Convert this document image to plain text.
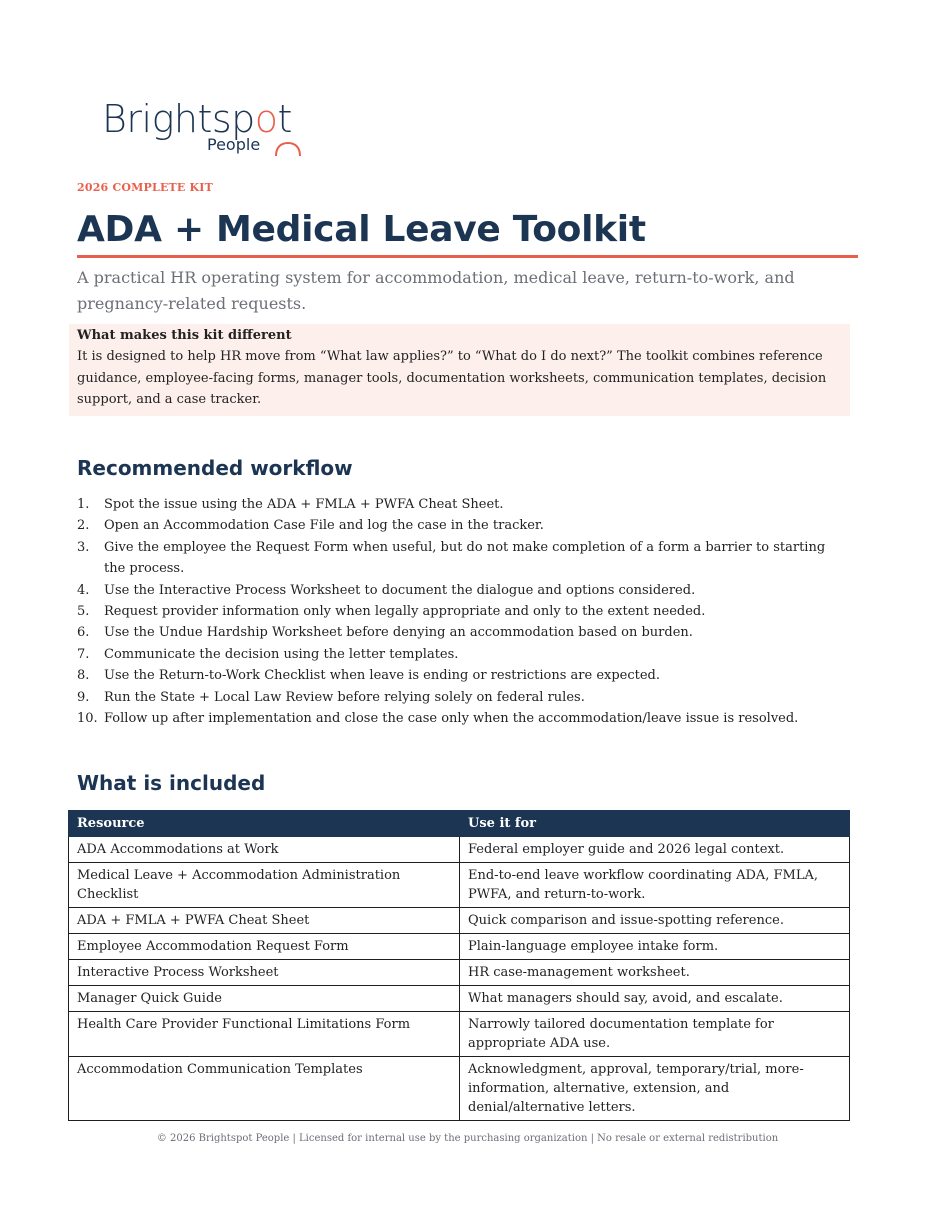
Brightspot
People
2026 COMPLETE KIT
ADA + Medical Leave Toolkit

A practical HR operating system for accommodation, medical leave, return-to-work, and pregnancy-related requests.

What makes this kit different
It is designed to help HR move from “What law applies?” to “What do I do next?” The toolkit combines reference guidance, employee-facing forms, manager tools, documentation worksheets, communication templates, decision support, and a case tracker.
Recommended workflow
1. Spot the issue using the ADA + FMLA + PWFA Cheat Sheet.
2. Open an Accommodation Case File and log the case in the tracker.
3. Give the employee the Request Form when useful, but do not make completion of a form a barrier to starting the process.
4. Use the Interactive Process Worksheet to document the dialogue and options considered.
5. Request provider information only when legally appropriate and only to the extent needed.
6. Use the Undue Hardship Worksheet before denying an accommodation based on burden.
7. Communicate the decision using the letter templates.
8. Use the Return-to-Work Checklist when leave is ending or restrictions are expected.
9. Run the State + Local Law Review before relying solely on federal rules.
10. Follow up after implementation and close the case only when the accommodation/leave issue is resolved.
What is included
Resource	Use it for
ADA Accommodations at Work	Federal employer guide and 2026 legal context.
Medical Leave + Accommodation Administration Checklist	End-to-end leave workflow coordinating ADA, FMLA, PWFA, and return-to-work.
ADA + FMLA + PWFA Cheat Sheet	Quick comparison and issue-spotting reference.
Employee Accommodation Request Form	Plain-language employee intake form.
Interactive Process Worksheet	HR case-management worksheet.
Manager Quick Guide	What managers should say, avoid, and escalate.
Health Care Provider Functional Limitations Form	Narrowly tailored documentation template for appropriate ADA use.
Accommodation Communication Templates	Acknowledgment, approval, temporary/trial, more-information, alternative, extension, and denial/alternative letters.
© 2026 Brightspot People | Licensed for internal use by the purchasing organization | No resale or external redistribution
